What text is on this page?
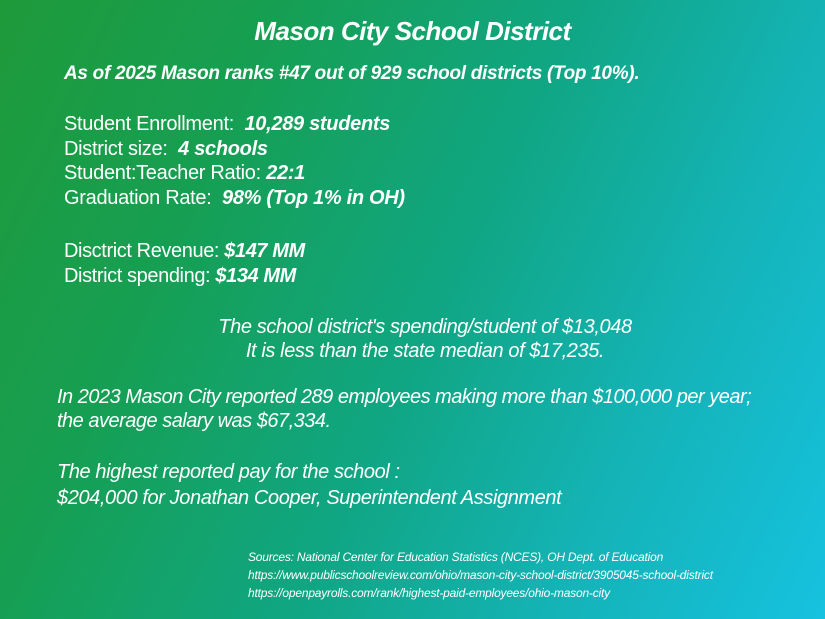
Mason City School District
As of 2025 Mason ranks #47 out of 929 school districts (Top 10%).
Student Enrollment: 10,289 students
District size: 4 schools
Student:Teacher Ratio: 22:1
Graduation Rate: 98% (Top 1% in OH)
Disctrict Revenue: $147 MM
District spending: $134 MM
The school district's spending/student of $13,048
It is less than the state median of $17,235.
In 2023 Mason City reported 289 employees making more than $100,000 per year;
the average salary was $67,334.
The highest reported pay for the school :
$204,000 for Jonathan Cooper, Superintendent Assignment
Sources: National Center for Education Statistics (NCES), OH Dept. of Education
https://www.publicschoolreview.com/ohio/mason-city-school-district/3905045-school-district
https://openpayrolls.com/rank/highest-paid-employees/ohio-mason-city
